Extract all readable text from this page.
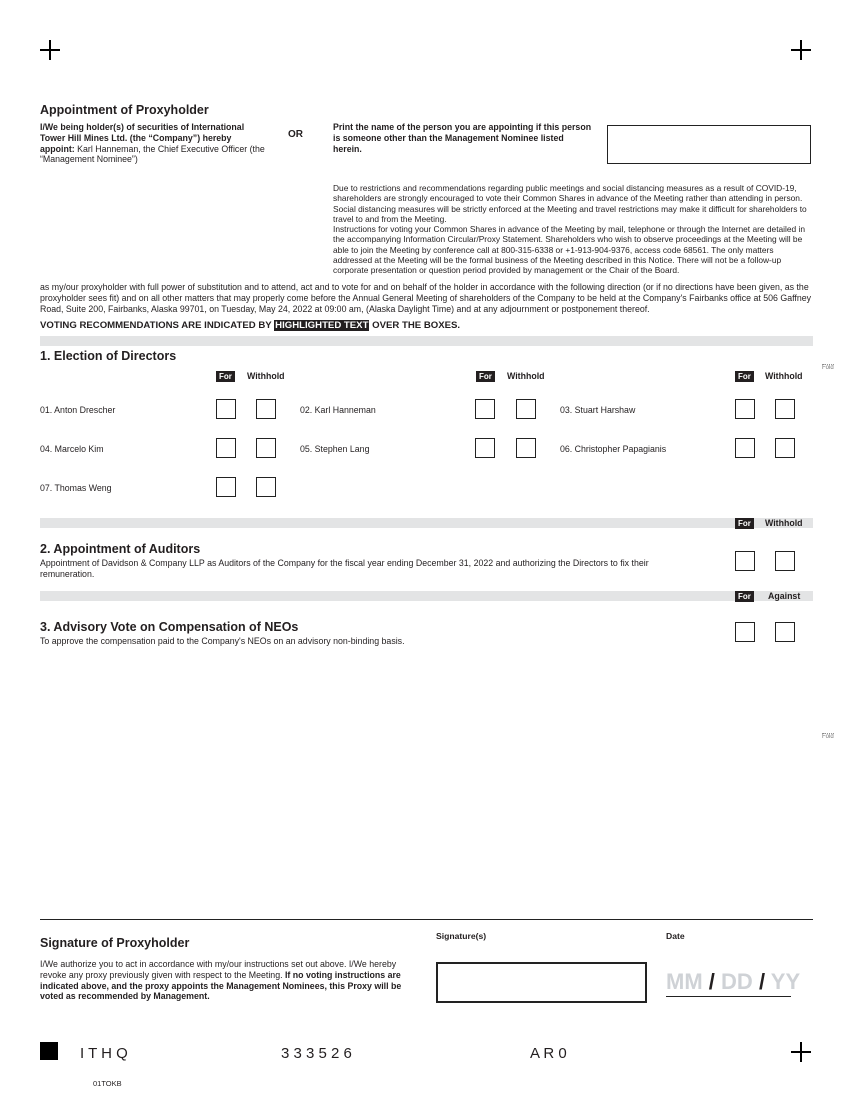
Appointment of Proxyholder
I/We being holder(s) of securities of International Tower Hill Mines Ltd. (the “Company”) hereby appoint: Karl Hanneman, the Chief Executive Officer (the “Management Nominee”)
OR
Print the name of the person you are appointing if this person is someone other than the Management Nominee listed herein.
Due to restrictions and recommendations regarding public meetings and social distancing measures as a result of COVID-19, shareholders are strongly encouraged to vote their Common Shares in advance of the Meeting rather than attending in person. Social distancing measures will be strictly enforced at the Meeting and travel restrictions may make it difficult for shareholders to travel to and from the Meeting.
Instructions for voting your Common Shares in advance of the Meeting by mail, telephone or through the Internet are detailed in the accompanying Information Circular/Proxy Statement. Shareholders who wish to observe proceedings at the Meeting will be able to join the Meeting by conference call at 800-315-6338 or +1-913-904-9376, access code 68561. The only matters addressed at the Meeting will be the formal business of the Meeting described in this Notice. There will not be a follow-up corporate presentation or question period provided by management or the Chair of the Board.
as my/our proxyholder with full power of substitution and to attend, act and to vote for and on behalf of the holder in accordance with the following direction (or if no directions have been given, as the proxyholder sees fit) and on all other matters that may properly come before the Annual General Meeting of shareholders of the Company to be held at the Company's Fairbanks office at 506 Gaffney Road, Suite 200, Fairbanks, Alaska 99701, on Tuesday, May 24, 2022 at 09:00 am, (Alaska Daylight Time) and at any adjournment or postponement thereof.
VOTING RECOMMENDATIONS ARE INDICATED BY HIGHLIGHTED TEXT OVER THE BOXES.
1. Election of Directors
For	Withhold	For	Withhold	For	Withhold
Fold
01. Anton Drescher	02. Karl Hanneman	03. Stuart Harshaw
04. Marcelo Kim	05. Stephen Lang	06. Christopher Papagianis
07. Thomas Weng
For	Withhold
2. Appointment of Auditors
Appointment of Davidson & Company LLP as Auditors of the Company for the fiscal year ending December 31, 2022 and authorizing the Directors to fix their remuneration.
For	Against
3. Advisory Vote on Compensation of NEOs
To approve the compensation paid to the Company's NEOs on an advisory non-binding basis.
Fold
Signature of Proxyholder
I/We authorize you to act in accordance with my/our instructions set out above. I/We hereby revoke any proxy previously given with respect to the Meeting. If no voting instructions are indicated above, and the proxy appoints the Management Nominees, this Proxy will be voted as recommended by Management.
Signature(s)	Date
MM / DD / YY
I T H Q	3 3 3 5 2 6	A R 0
01TOKB
